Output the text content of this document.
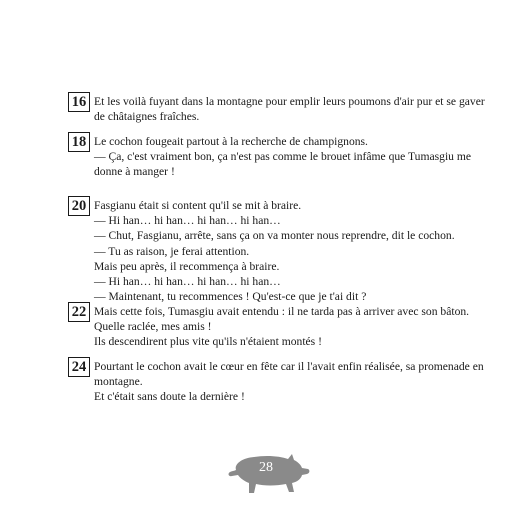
16 Et les voilà fuyant dans la montagne pour emplir leurs poumons d'air pur et se gaver
de châtaignes fraîches.
18 Le cochon fougeait partout à la recherche de champignons.
— Ça, c'est vraiment bon, ça n'est pas comme le brouet infâme que Tumasgiu me
donne à manger !
20 Fasgianu était si content qu'il se mit à braire.
— Hi han… hi han… hi han… hi han…
— Chut, Fasgianu, arrête, sans ça on va monter nous reprendre, dit le cochon.
— Tu as raison, je ferai attention.
Mais peu après, il recommença à braire.
— Hi han… hi han… hi han… hi han…
— Maintenant, tu recommences ! Qu'est-ce que je t'ai dit ?
22 Mais cette fois, Tumasgiu avait entendu : il ne tarda pas à arriver avec son bâton.
Quelle raclée, mes amis !
Ils descendirent plus vite qu'ils n'étaient montés !
24 Pourtant le cochon avait le cœur en fête car il l'avait enfin réalisée, sa promenade en
montagne.
Et c'était sans doute la dernière !
28
